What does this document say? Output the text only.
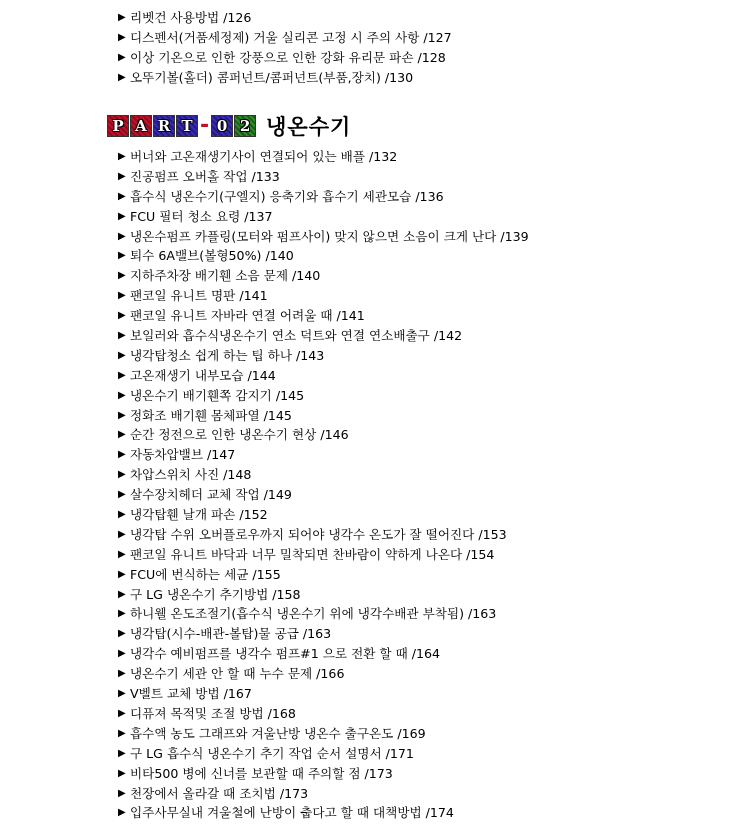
▶ 리벳건 사용방법 /126
▶ 디스펜서(거품세정제) 거울 실리콘 고정 시 주의 사항 /127
▶ 이상 기온으로 인한 강풍으로 인한 강화 유리문 파손 /128
▶ 오뚜기볼(홀더) 콤퍼넌트/콤퍼넌트(부품,장치) /130
P A R T - 0 2 냉온수기
▶ 버너와 고온재생기사이 연결되어 있는 배플 /132
▶ 진공펌프 오버홀 작업 /133
▶ 흡수식 냉온수기(구엘지) 응축기와 흡수기 세관모습 /136
▶ FCU 필터 청소 요령 /137
▶ 냉온수펌프 카플링(모터와 펌프사이) 맞지 않으면 소음이 크게 난다 /139
▶ 퇴수 6A밸브(볼형50%) /140
▶ 지하주차장 배기휀 소음 문제 /140
▶ 팬코일 유니트 명판 /141
▶ 팬코일 유니트 자바라 연결 어려울 때 /141
▶ 보일러와 흡수식냉온수기 연소 덕트와 연결 연소배출구 /142
▶ 냉각탑청소 쉽게 하는 팁 하나 /143
▶ 고온재생기 내부모습 /144
▶ 냉온수기 배기휀쪽 감지기 /145
▶ 정화조 배기휀 몸체파열 /145
▶ 순간 정전으로 인한 냉온수기 현상 /146
▶ 자동차압밸브 /147
▶ 차압스위치 사진 /148
▶ 살수장치헤더 교체 작업 /149
▶ 냉각탑휀 날개 파손 /152
▶ 냉각탑 수위 오버플로우까지 되어야 냉각수 온도가 잘 떨어진다 /153
▶ 팬코일 유니트 바닥과 너무 밀착되면 찬바람이 약하게 나온다 /154
▶ FCU에 번식하는 세균 /155
▶ 구 LG 냉온수기 추기방법 /158
▶ 하니웰 온도조절기(흡수식 냉온수기 위에 냉각수배관 부착됨) /163
▶ 냉각탑(시수-배관-볼탑)물 공급 /163
▶ 냉각수 예비펌프를 냉각수 펌프#1 으로 전환 할 때 /164
▶ 냉온수기 세관 안 할 때 누수 문제 /166
▶ V벨트 교체 방법 /167
▶ 디퓨져 목적및 조절 방법 /168
▶ 흡수액 농도 그래프와 겨울난방 냉온수 출구온도 /169
▶ 구 LG 흡수식 냉온수기 추기 작업 순서 설명서 /171
▶ 비타500 병에 신너를 보관할 때 주의할 점 /173
▶ 천장에서 올라갈 때 조치법 /173
▶ 입주사무실내 겨울철에 난방이 춥다고 할 때 대책방법 /174
